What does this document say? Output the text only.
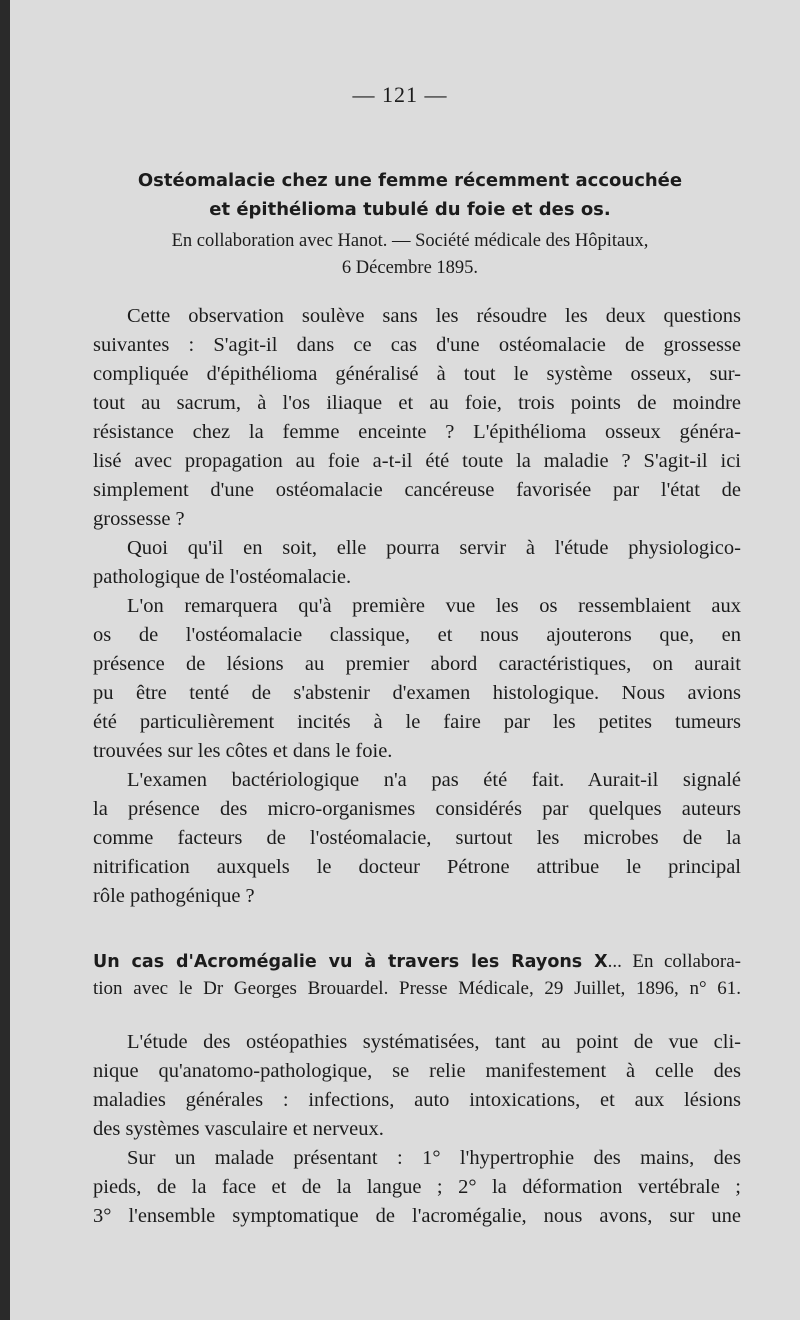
— 121 —
Ostéomalacie chez une femme récemment accouchée
et épithélioma tubulé du foie et des os.
En collaboration avec Hanot. — Société médicale des Hôpitaux,
6 Décembre 1895.
Cette observation soulève sans les résoudre les deux questions
suivantes : S'agit-il dans ce cas d'une ostéomalacie de grossesse
compliquée d'épithélioma généralisé à tout le système osseux, sur-
tout au sacrum, à l'os iliaque et au foie, trois points de moindre
résistance chez la femme enceinte ? L'épithélioma osseux généra-
lisé avec propagation au foie a-t-il été toute la maladie ? S'agit-il ici
simplement d'une ostéomalacie cancéreuse favorisée par l'état de
grossesse ?
Quoi qu'il en soit, elle pourra servir à l'étude physiologico-
pathologique de l'ostéomalacie.
L'on remarquera qu'à première vue les os ressemblaient aux
os de l'ostéomalacie classique, et nous ajouterons que, en
présence de lésions au premier abord caractéristiques, on aurait
pu être tenté de s'abstenir d'examen histologique. Nous avions
été particulièrement incités à le faire par les petites tumeurs
trouvées sur les côtes et dans le foie.
L'examen bactériologique n'a pas été fait. Aurait-il signalé
la présence des micro-organismes considérés par quelques auteurs
comme facteurs de l'ostéomalacie, surtout les microbes de la
nitrification auxquels le docteur Pétrone attribue le principal
rôle pathogénique ?
Un cas d'Acromégalie vu à travers les Rayons X... En collabora-
tion avec le Dr Georges Brouardel. Presse Médicale, 29 Juillet, 1896, n° 61.
L'étude des ostéopathies systématisées, tant au point de vue cli-
nique qu'anatomo-pathologique, se relie manifestement à celle des
maladies générales : infections, auto intoxications, et aux lésions
des systèmes vasculaire et nerveux.
Sur un malade présentant : 1° l'hypertrophie des mains, des
pieds, de la face et de la langue ; 2° la déformation vertébrale ;
3° l'ensemble symptomatique de l'acromégalie, nous avons, sur une
